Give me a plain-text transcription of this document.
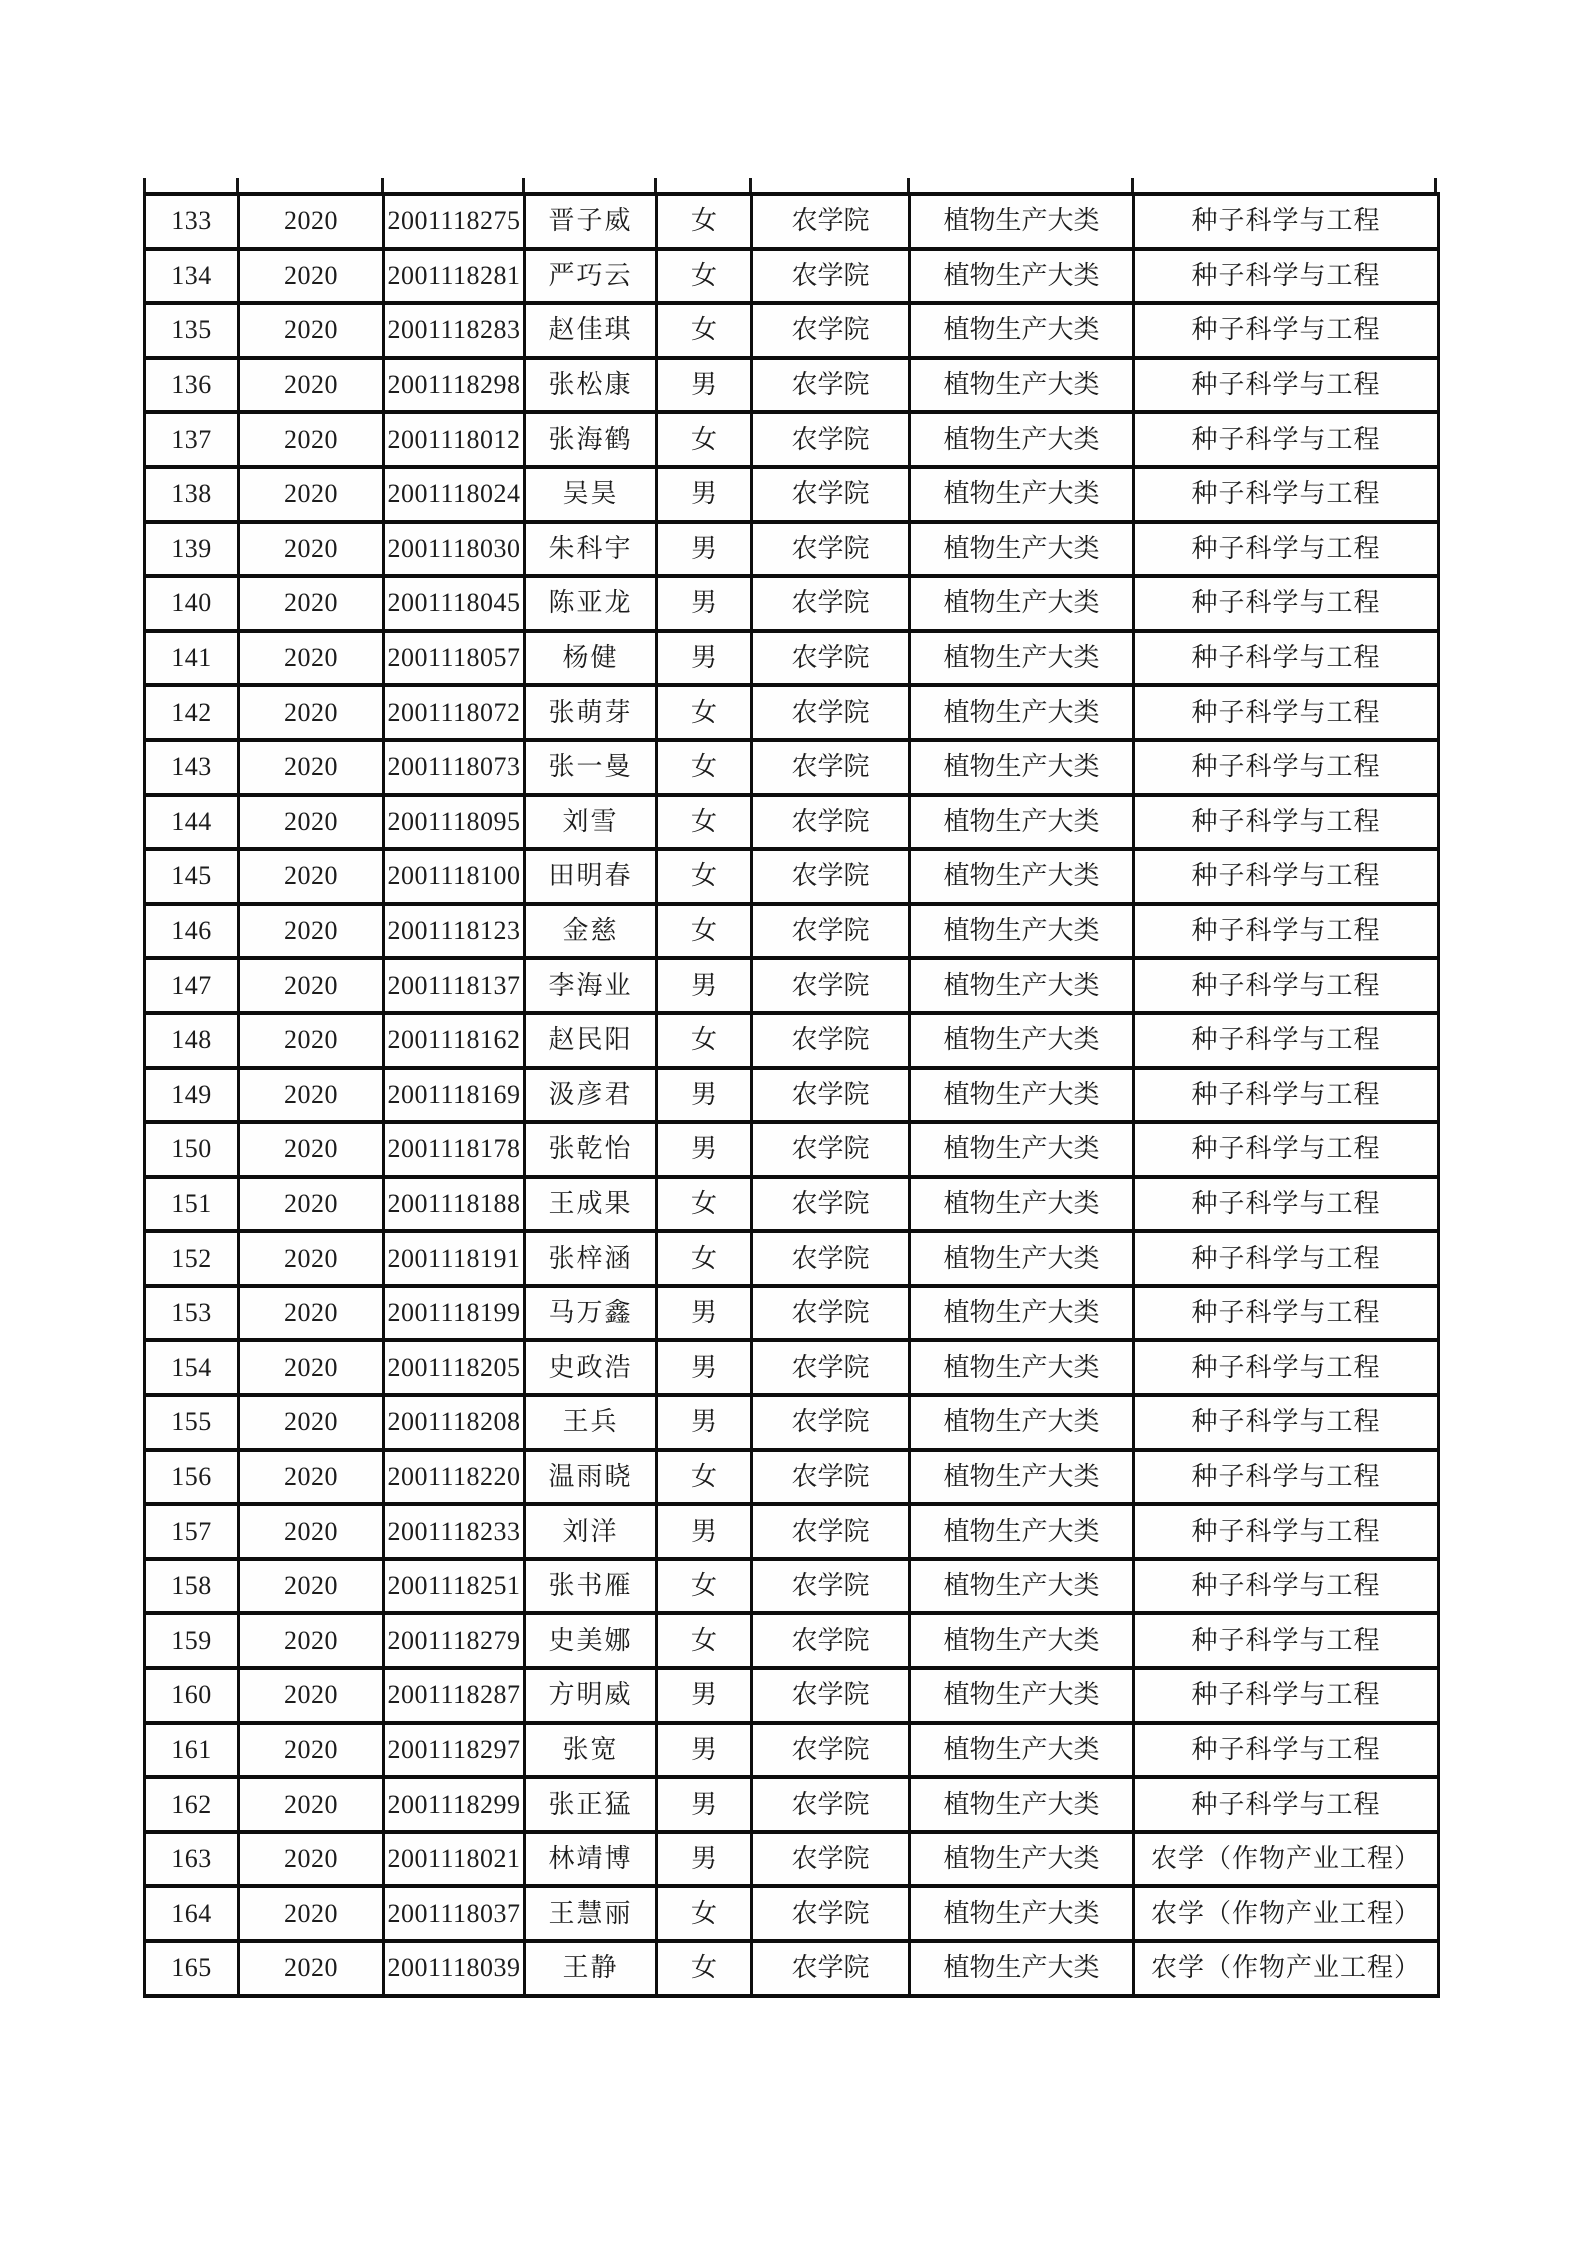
133	2020	2001118275	晋子威	女	农学院	植物生产大类	种子科学与工程
134	2020	2001118281	严巧云	女	农学院	植物生产大类	种子科学与工程
135	2020	2001118283	赵佳琪	女	农学院	植物生产大类	种子科学与工程
136	2020	2001118298	张松康	男	农学院	植物生产大类	种子科学与工程
137	2020	2001118012	张海鹤	女	农学院	植物生产大类	种子科学与工程
138	2020	2001118024	吴昊	男	农学院	植物生产大类	种子科学与工程
139	2020	2001118030	朱科宇	男	农学院	植物生产大类	种子科学与工程
140	2020	2001118045	陈亚龙	男	农学院	植物生产大类	种子科学与工程
141	2020	2001118057	杨健	男	农学院	植物生产大类	种子科学与工程
142	2020	2001118072	张萌芽	女	农学院	植物生产大类	种子科学与工程
143	2020	2001118073	张一曼	女	农学院	植物生产大类	种子科学与工程
144	2020	2001118095	刘雪	女	农学院	植物生产大类	种子科学与工程
145	2020	2001118100	田明春	女	农学院	植物生产大类	种子科学与工程
146	2020	2001118123	金慈	女	农学院	植物生产大类	种子科学与工程
147	2020	2001118137	李海业	男	农学院	植物生产大类	种子科学与工程
148	2020	2001118162	赵民阳	女	农学院	植物生产大类	种子科学与工程
149	2020	2001118169	汲彦君	男	农学院	植物生产大类	种子科学与工程
150	2020	2001118178	张乾怡	男	农学院	植物生产大类	种子科学与工程
151	2020	2001118188	王成果	女	农学院	植物生产大类	种子科学与工程
152	2020	2001118191	张梓涵	女	农学院	植物生产大类	种子科学与工程
153	2020	2001118199	马万鑫	男	农学院	植物生产大类	种子科学与工程
154	2020	2001118205	史政浩	男	农学院	植物生产大类	种子科学与工程
155	2020	2001118208	王兵	男	农学院	植物生产大类	种子科学与工程
156	2020	2001118220	温雨晓	女	农学院	植物生产大类	种子科学与工程
157	2020	2001118233	刘洋	男	农学院	植物生产大类	种子科学与工程
158	2020	2001118251	张书雁	女	农学院	植物生产大类	种子科学与工程
159	2020	2001118279	史美娜	女	农学院	植物生产大类	种子科学与工程
160	2020	2001118287	方明威	男	农学院	植物生产大类	种子科学与工程
161	2020	2001118297	张宽	男	农学院	植物生产大类	种子科学与工程
162	2020	2001118299	张正猛	男	农学院	植物生产大类	种子科学与工程
163	2020	2001118021	林靖博	男	农学院	植物生产大类	农学（作物产业工程）
164	2020	2001118037	王慧丽	女	农学院	植物生产大类	农学（作物产业工程）
165	2020	2001118039	王静	女	农学院	植物生产大类	农学（作物产业工程）
